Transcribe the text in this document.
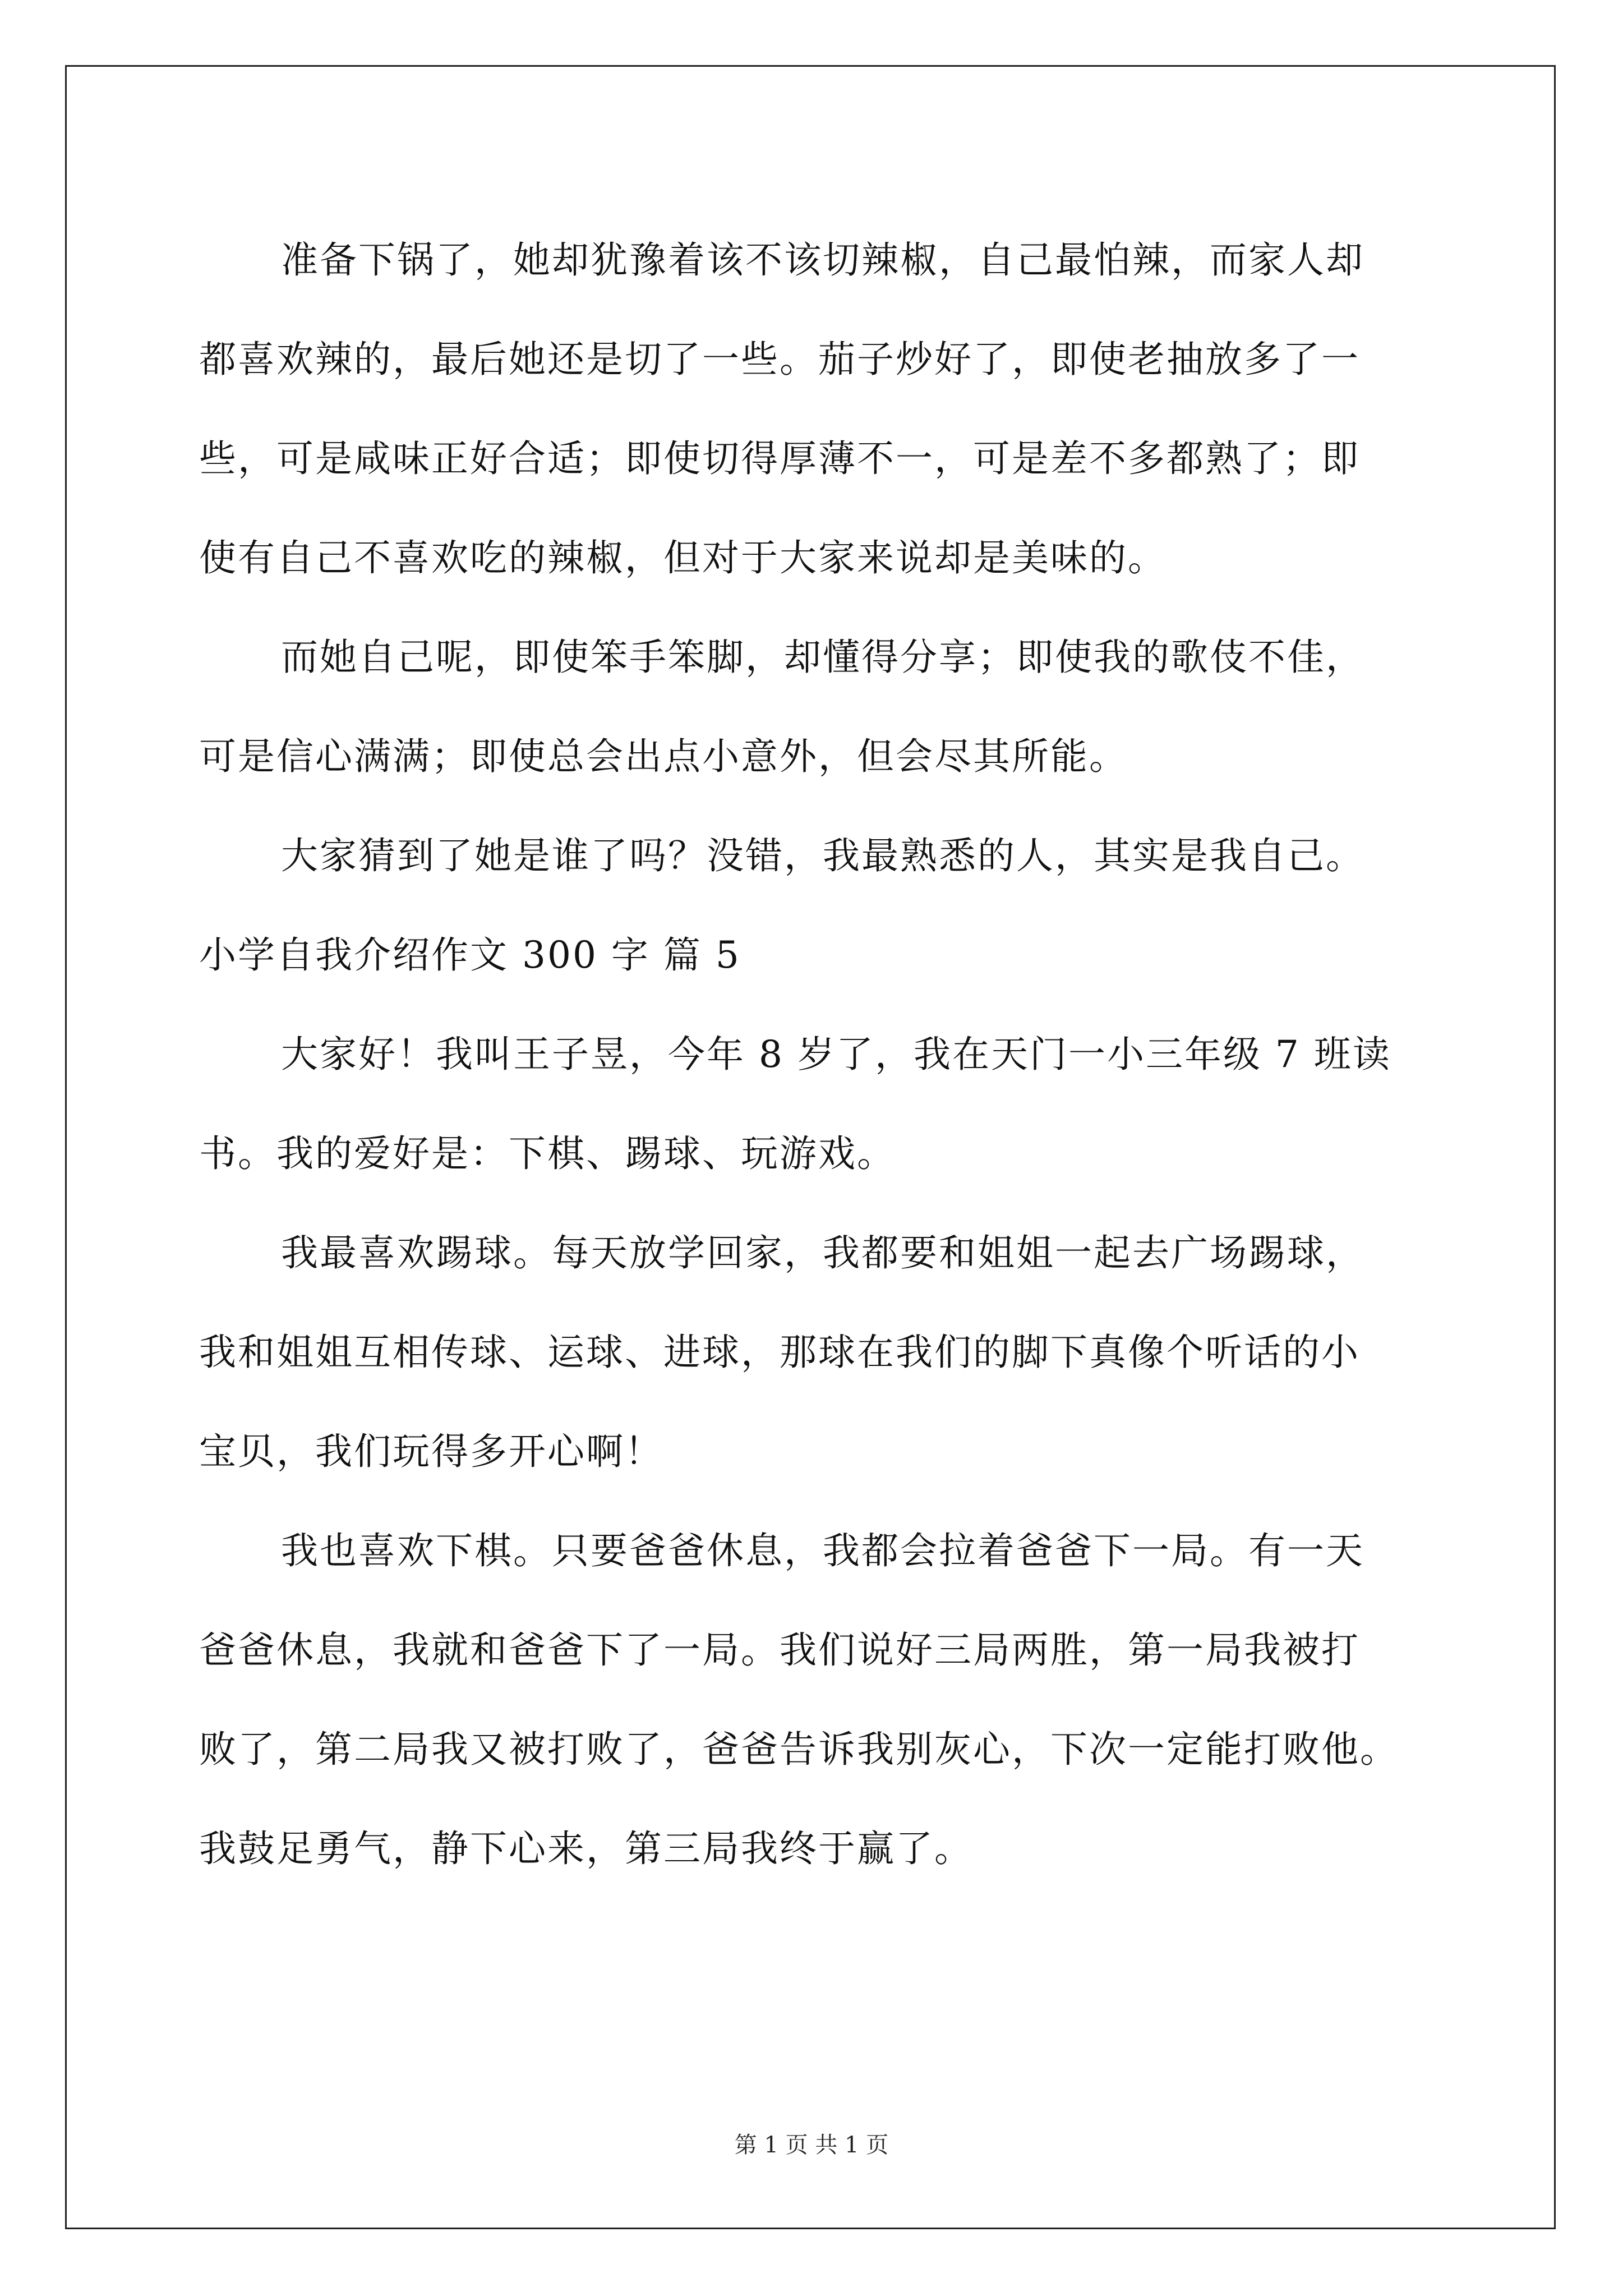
准备下锅了，她却犹豫着该不该切辣椒，自己最怕辣，而家人却
都喜欢辣的，最后她还是切了一些。茄子炒好了，即使老抽放多了一
些，可是咸味正好合适；即使切得厚薄不一，可是差不多都熟了；即
使有自己不喜欢吃的辣椒，但对于大家来说却是美味的。

而她自己呢，即使笨手笨脚，却懂得分享；即使我的歌伎不佳，
可是信心满满；即使总会出点小意外，但会尽其所能。

大家猜到了她是谁了吗？没错，我最熟悉的人，其实是我自己。

小学自我介绍作文 300 字 篇 5

大家好！我叫王子昱，今年 8 岁了，我在天门一小三年级 7 班读
书。我的爱好是：下棋、踢球、玩游戏。

我最喜欢踢球。每天放学回家，我都要和姐姐一起去广场踢球，
我和姐姐互相传球、运球、进球，那球在我们的脚下真像个听话的小
宝贝，我们玩得多开心啊！

我也喜欢下棋。只要爸爸休息，我都会拉着爸爸下一局。有一天
爸爸休息，我就和爸爸下了一局。我们说好三局两胜，第一局我被打
败了，第二局我又被打败了，爸爸告诉我别灰心，下次一定能打败他。
我鼓足勇气，静下心来，第三局我终于赢了。

第 1 页 共 1 页
